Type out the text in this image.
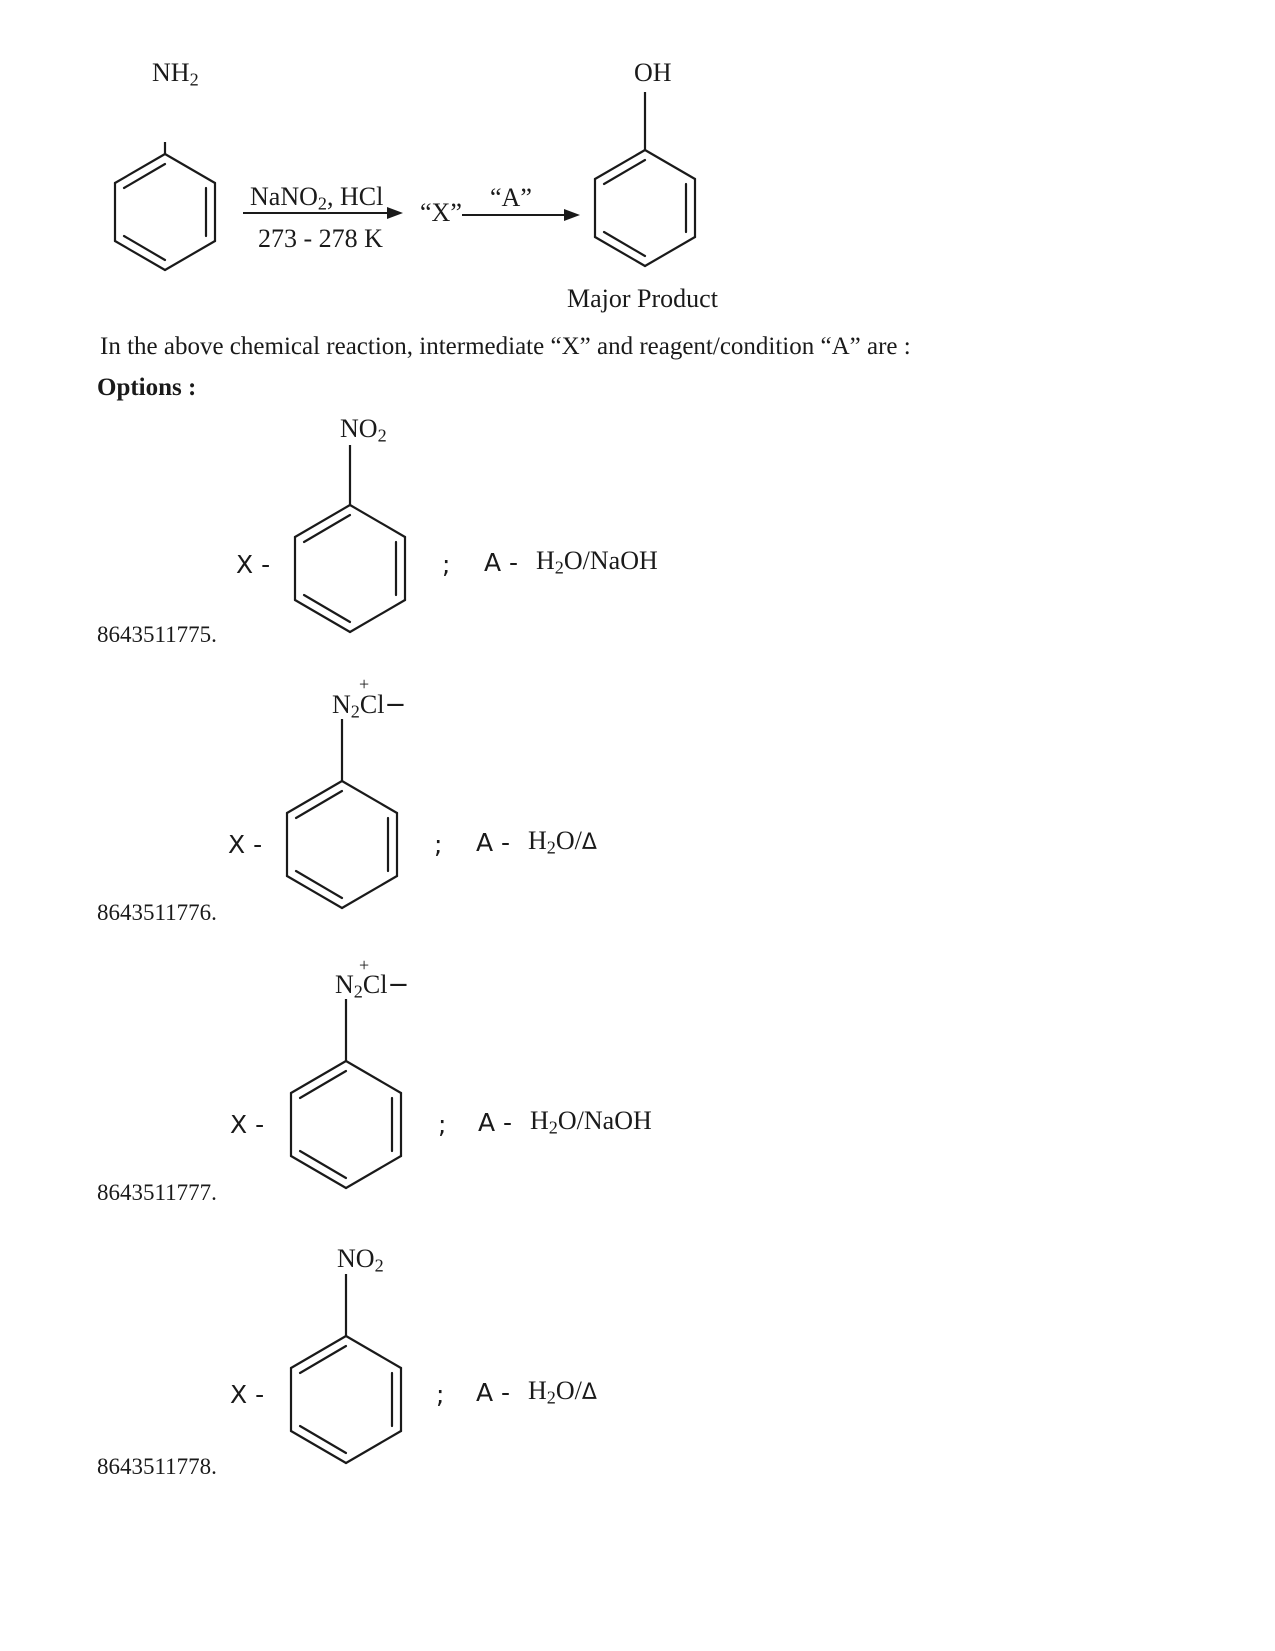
$NH_2$
NaNO$_2$, HCl
273 - 278 K
“X”
“A”
OH
Major Product
In the above chemical reaction, intermediate “X” and reagent/condition “A” are :
Options :
$NO_2$
X -	; A - $H_2O$/NaOH
8643511775.
+
$N_2Cl-$
X -	; A - $H_2O/\Delta$
8643511776.
+
$N_2Cl-$
X -	; A - $H_2O$/NaOH
8643511777.
$NO_2$
X -	; A - $H_2O/\Delta$
8643511778.
